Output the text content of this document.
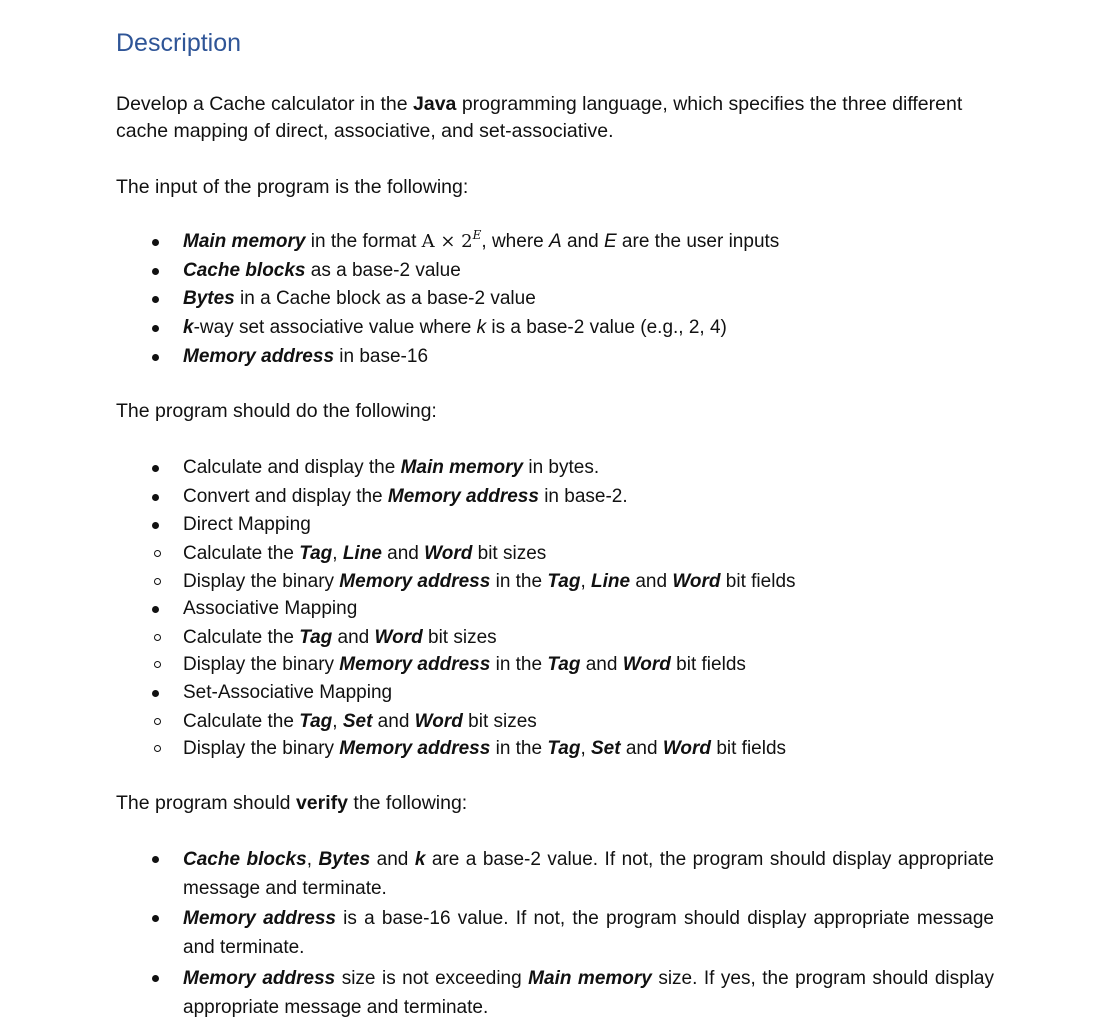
Description

Develop a Cache calculator in the Java programming language, which specifies the three different cache mapping of direct, associative, and set-associative.

The input of the program is the following:

Main memory in the format $A \times 2^E$, where A and E are the user inputs
Cache blocks as a base-2 value
Bytes in a Cache block as a base-2 value
k-way set associative value where k is a base-2 value (e.g., 2, 4)
Memory address in base-16

The program should do the following:

Calculate and display the Main memory in bytes.
Convert and display the Memory address in base-2.
Direct Mapping
Calculate the Tag, Line and Word bit sizes
Display the binary Memory address in the Tag, Line and Word bit fields
Associative Mapping
Calculate the Tag and Word bit sizes
Display the binary Memory address in the Tag and Word bit fields
Set-Associative Mapping
Calculate the Tag, Set and Word bit sizes
Display the binary Memory address in the Tag, Set and Word bit fields

The program should verify the following:

Cache blocks, Bytes and k are a base-2 value. If not, the program should display appropriate message and terminate.
Memory address is a base-16 value. If not, the program should display appropriate message and terminate.
Memory address size is not exceeding Main memory size. If yes, the program should display appropriate message and terminate.
